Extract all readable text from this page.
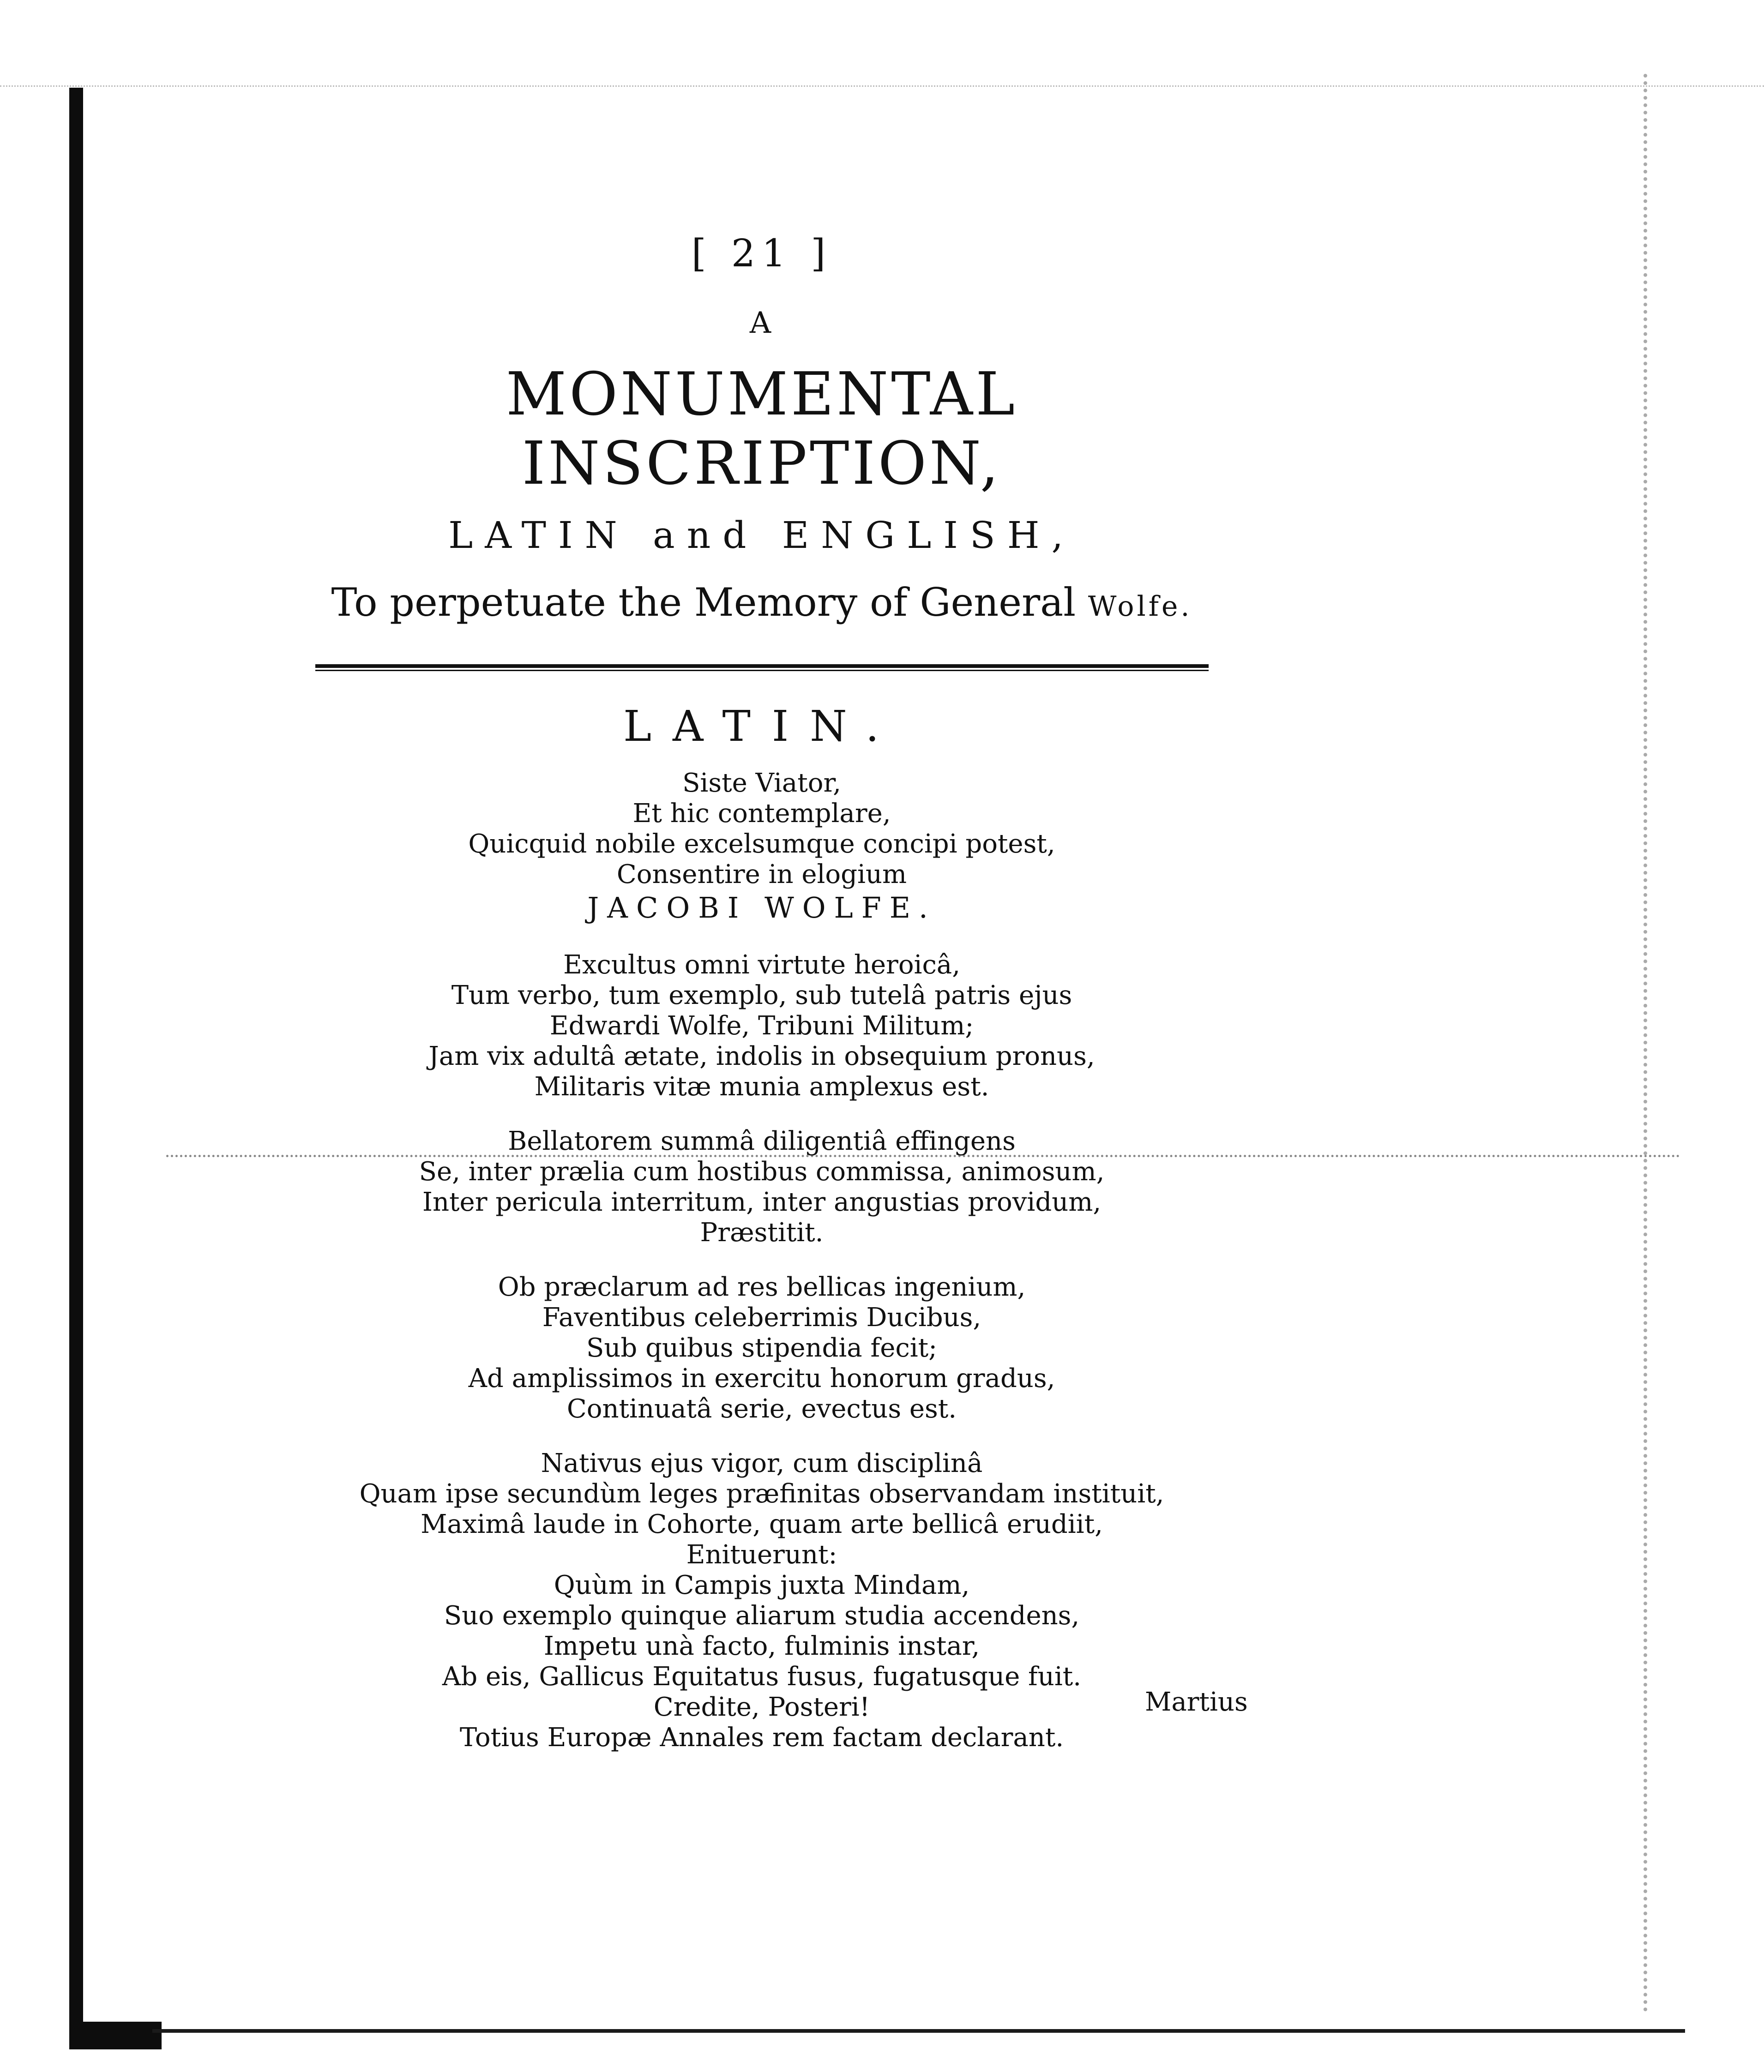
[ 21 ]
A
MONUMENTAL INSCRIPTION,
LATIN and ENGLISH,
To perpetuate the Memory of General Wolfe.
LATIN.
Siste Viator,
Et hic contemplare,
Quicquid nobile excelsumque concipi potest,
Consentire in elogium
JACOBI WOLFE.
Excultus omni virtute heroicâ,
Tum verbo, tum exemplo, sub tutelâ patris ejus
Edwardi Wolfe, Tribuni Militum;
Jam vix adultâ ætate, indolis in obsequium pronus,
Militaris vitæ munia amplexus est.
Bellatorem summâ diligentiâ effingens
Se, inter prælia cum hostibus commissa, animosum,
Inter pericula interritum, inter angustias providum,
Præstitit.
Ob præclarum ad res bellicas ingenium,
Faventibus celeberrimis Ducibus,
Sub quibus stipendia fecit;
Ad amplissimos in exercitu honorum gradus,
Continuatâ serie, evectus est.
Nativus ejus vigor, cum disciplinâ
Quam ipse secundùm leges præfinitas observandam instituit,
Maximâ laude in Cohorte, quam arte bellicâ erudiit,
Enituerunt:
Quùm in Campis juxta Mindam,
Suo exemplo quinque aliarum studia accendens,
Impetu unà facto, fulminis instar,
Ab eis, Gallicus Equitatus fusus, fugatusque fuit.
Credite, Posteri!
Totius Europæ Annales rem factam declarant.
Martius
